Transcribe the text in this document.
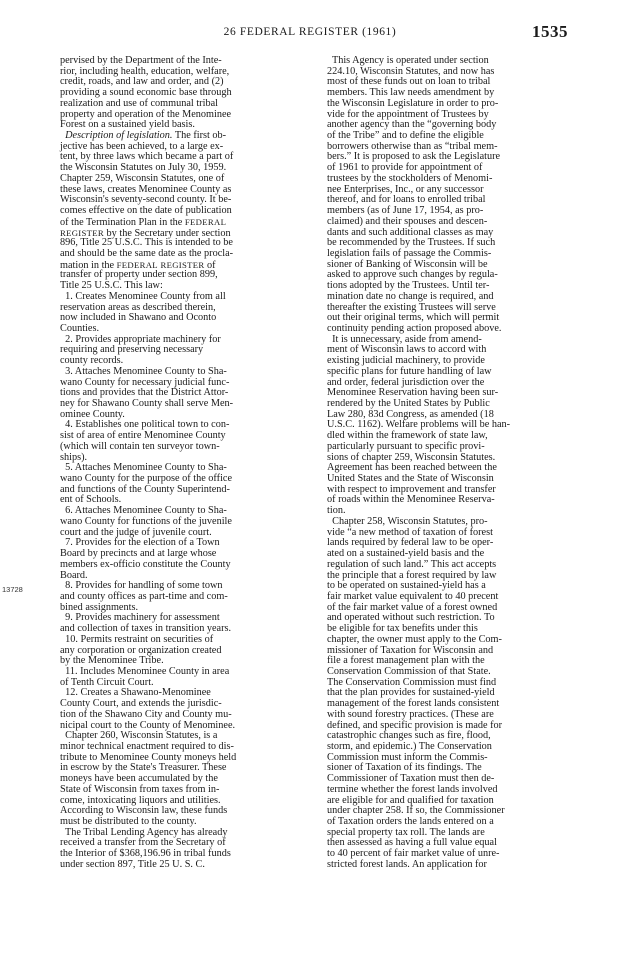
26 FEDERAL REGISTER (1961)	1535
13728
pervised by the Department of the Inte-
rior, including health, education, welfare,
credit, roads, and law and order, and (2)
providing a sound economic base through
realization and use of communal tribal
property and operation of the Menominee
Forest on a sustained yield basis.
Description of legislation. The first ob-
jective has been achieved, to a large ex-
tent, by three laws which became a part of
the Wisconsin Statutes on July 30, 1959.
Chapter 259, Wisconsin Statutes, one of
these laws, creates Menominee County as
Wisconsin's seventy-second county. It be-
comes effective on the date of publication
of the Termination Plan in the FEDERAL
REGISTER by the Secretary under section
896, Title 25 U.S.C. This is intended to be
and should be the same date as the procla-
mation in the FEDERAL REGISTER of
transfer of property under section 899,
Title 25 U.S.C. This law:
1. Creates Menominee County from all
reservation areas as described therein,
now included in Shawano and Oconto
Counties.
2. Provides appropriate machinery for
requiring and preserving necessary
county records.
3. Attaches Menominee County to Sha-
wano County for necessary judicial func-
tions and provides that the District Attor-
ney for Shawano County shall serve Men-
ominee County.
4. Establishes one political town to con-
sist of area of entire Menominee County
(which will contain ten surveyor town-
ships).
5. Attaches Menominee County to Sha-
wano County for the purpose of the office
and functions of the County Superintend-
ent of Schools.
6. Attaches Menominee County to Sha-
wano County for functions of the juvenile
court and the judge of juvenile court.
7. Provides for the election of a Town
Board by precincts and at large whose
members ex-officio constitute the County
Board.
8. Provides for handling of some town
and county offices as part-time and com-
bined assignments.
9. Provides machinery for assessment
and collection of taxes in transition years.
10. Permits restraint on securities of
any corporation or organization created
by the Menominee Tribe.
11. Includes Menominee County in area
of Tenth Circuit Court.
12. Creates a Shawano-Menominee
County Court, and extends the jurisdic-
tion of the Shawano City and County mu-
nicipal court to the County of Menominee.
Chapter 260, Wisconsin Statutes, is a
minor technical enactment required to dis-
tribute to Menominee County moneys held
in escrow by the State's Treasurer. These
moneys have been accumulated by the
State of Wisconsin from taxes from in-
come, intoxicating liquors and utilities.
According to Wisconsin law, these funds
must be distributed to the county.
The Tribal Lending Agency has already
received a transfer from the Secretary of
the Interior of $368,196.96 in tribal funds
under section 897, Title 25 U. S. C.
This Agency is operated under section
224.10, Wisconsin Statutes, and now has
most of these funds out on loan to tribal
members. This law needs amendment by
the Wisconsin Legislature in order to pro-
vide for the appointment of Trustees by
another agency than the “governing body
of the Tribe” and to define the eligible
borrowers otherwise than as “tribal mem-
bers.” It is proposed to ask the Legislature
of 1961 to provide for appointment of
trustees by the stockholders of Menomi-
nee Enterprises, Inc., or any successor
thereof, and for loans to enrolled tribal
members (as of June 17, 1954, as pro-
claimed) and their spouses and descen-
dants and such additional classes as may
be recommended by the Trustees. If such
legislation fails of passage the Commis-
sioner of Banking of Wisconsin will be
asked to approve such changes by regula-
tions adopted by the Trustees. Until ter-
mination date no change is required, and
thereafter the existing Trustees will serve
out their original terms, which will permit
continuity pending action proposed above.
It is unnecessary, aside from amend-
ment of Wisconsin laws to accord with
existing judicial machinery, to provide
specific plans for future handling of law
and order, federal jurisdiction over the
Menominee Reservation having been sur-
rendered by the United States by Public
Law 280, 83d Congress, as amended (18
U.S.C. 1162). Welfare problems will be han-
dled within the framework of state law,
particularly pursuant to specific provi-
sions of chapter 259, Wisconsin Statutes.
Agreement has been reached between the
United States and the State of Wisconsin
with respect to improvement and transfer
of roads within the Menominee Reserva-
tion.
Chapter 258, Wisconsin Statutes, pro-
vide “a new method of taxation of forest
lands required by federal law to be oper-
ated on a sustained-yield basis and the
regulation of such land.” This act accepts
the principle that a forest required by law
to be operated on sustained-yield has a
fair market value equivalent to 40 precent
of the fair market value of a forest owned
and operated without such restriction. To
be eligible for tax benefits under this
chapter, the owner must apply to the Com-
missioner of Taxation for Wisconsin and
file a forest management plan with the
Conservation Commission of that State.
The Conservation Commission must find
that the plan provides for sustained-yield
management of the forest lands consistent
with sound forestry practices. (These are
defined, and specific provision is made for
catastrophic changes such as fire, flood,
storm, and epidemic.) The Conservation
Commission must inform the Commis-
sioner of Taxation of its findings. The
Commissioner of Taxation must then de-
termine whether the forest lands involved
are eligible for and qualified for taxation
under chapter 258. If so, the Commissioner
of Taxation orders the lands entered on a
special property tax roll. The lands are
then assessed as having a full value equal
to 40 percent of fair market value of unre-
stricted forest lands. An application for
